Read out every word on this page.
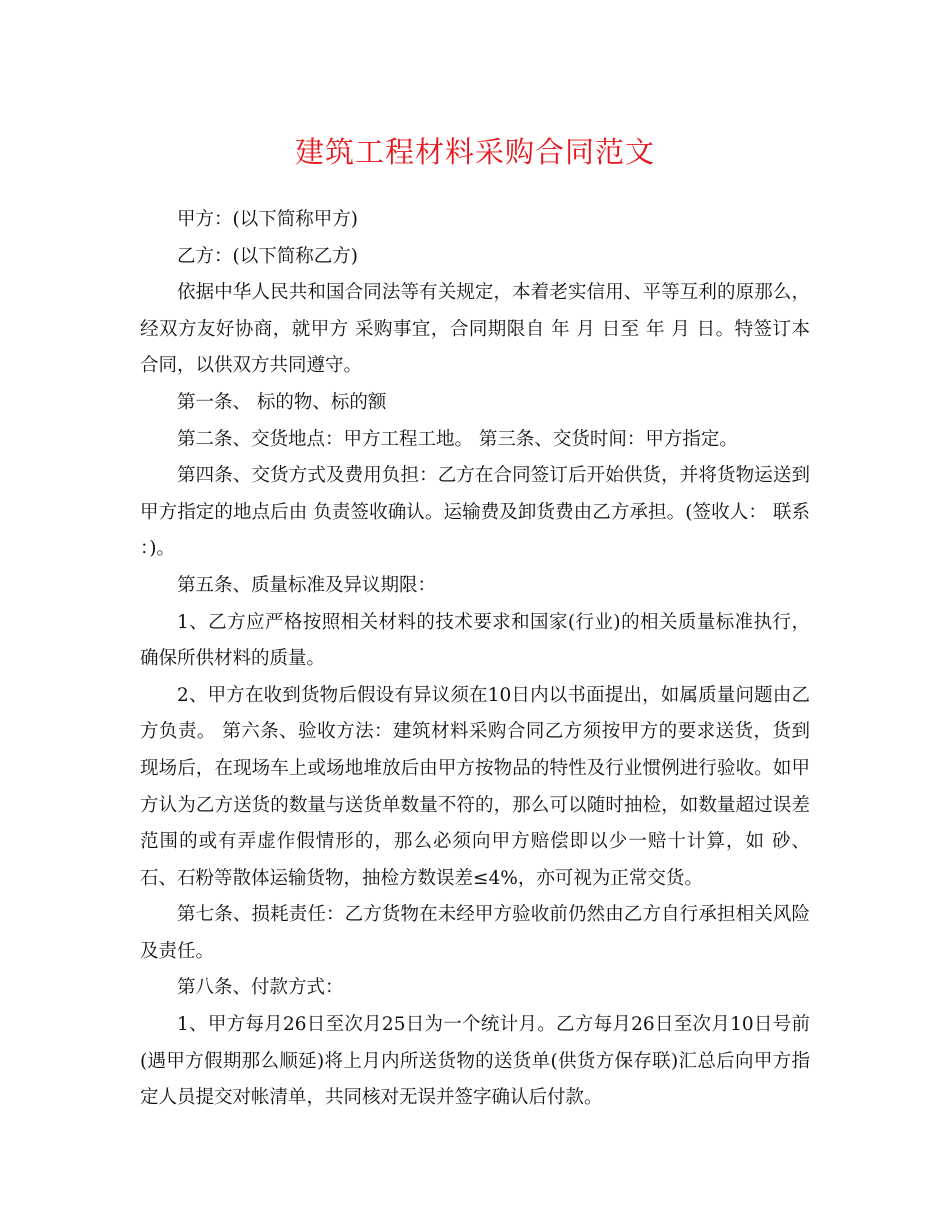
建筑工程材料采购合同范文

甲方：(以下简称甲方)

乙方：(以下简称乙方)

依据中华人民共和国合同法等有关规定，本着老实信用、平等互利的原那么，经双方友好协商，就甲方 采购事宜，合同期限自 年 月 日至 年 月 日。特签订本合同，以供双方共同遵守。

第一条、 标的物、标的额

第二条、交货地点：甲方工程工地。 第三条、交货时间：甲方指定。

第四条、交货方式及费用负担：乙方在合同签订后开始供货，并将货物运送到甲方指定的地点后由 负责签收确认。运输费及卸货费由乙方承担。(签收人： 联系 ：)。

第五条、质量标准及异议期限：

1、乙方应严格按照相关材料的技术要求和国家(行业)的相关质量标准执行，确保所供材料的质量。

2、甲方在收到货物后假设有异议须在10日内以书面提出，如属质量问题由乙方负责。 第六条、验收方法：建筑材料采购合同乙方须按甲方的要求送货，货到现场后，在现场车上或场地堆放后由甲方按物品的特性及行业惯例进行验收。如甲方认为乙方送货的数量与送货单数量不符的，那么可以随时抽检，如数量超过误差范围的或有弄虚作假情形的，那么必须向甲方赔偿即以少一赔十计算，如 砂、石、石粉等散体运输货物，抽检方数误差≤4%，亦可视为正常交货。

第七条、损耗责任：乙方货物在未经甲方验收前仍然由乙方自行承担相关风险及责任。

第八条、付款方式：

1、甲方每月26日至次月25日为一个统计月。乙方每月26日至次月10日号前(遇甲方假期那么顺延)将上月内所送货物的送货单(供货方保存联)汇总后向甲方指定人员提交对帐清单，共同核对无误并签字确认后付款。
